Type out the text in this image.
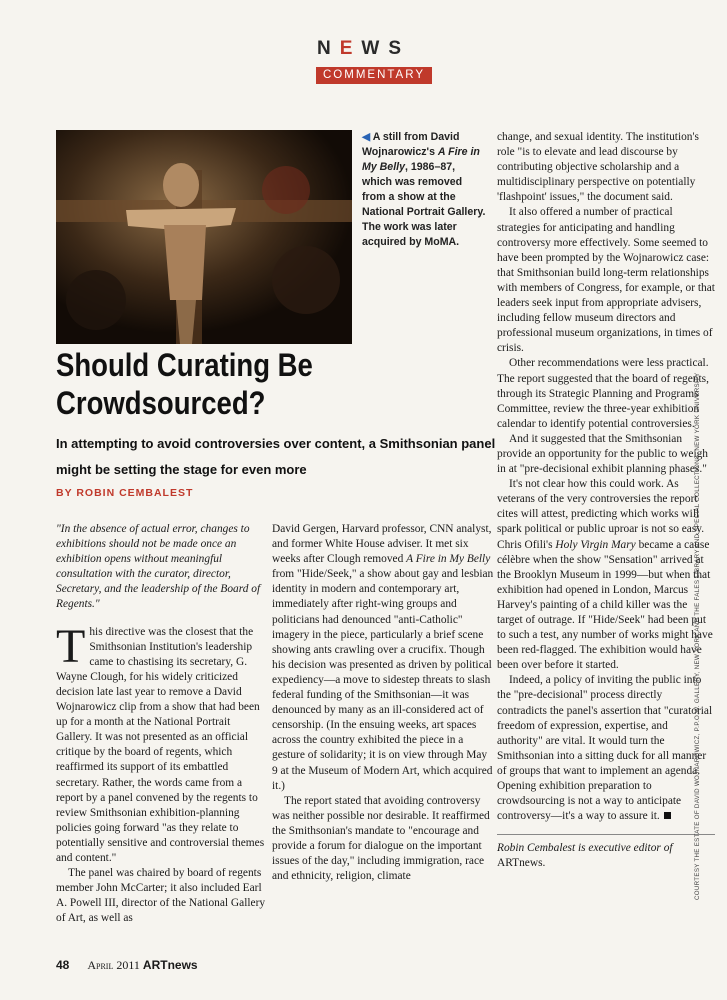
NEWS
COMMENTARY
◀ A still from David Wojnarowicz's A Fire in My Belly, 1986–87, which was removed from a show at the National Portrait Gallery. The work was later acquired by MoMA.
Should Curating Be Crowdsourced?
In attempting to avoid controversies over content, a Smithsonian panel might be setting the stage for even more
BY ROBIN CEMBALEST

"In the absence of actual error, changes to exhibitions should not be made once an exhibition opens without meaningful consultation with the curator, director, Secretary, and the leadership of the Board of Regents."

This directive was the closest that the Smithsonian Institution's leadership came to chastising its secretary, G. Wayne Clough, for his widely criticized decision late last year to remove a David Wojnarowicz clip from a show that had been up for a month at the National Portrait Gallery. It was not presented as an official critique by the board of regents, which reaffirmed its support of its embattled secretary. Rather, the words came from a report by a panel convened by the regents to review Smithsonian exhibition-planning policies going forward "as they relate to potentially sensitive and controversial themes and content."

The panel was chaired by board of regents member John McCarter; it also included Earl A. Powell III, director of the National Gallery of Art, as well as

David Gergen, Harvard professor, CNN analyst, and former White House adviser. It met six weeks after Clough removed A Fire in My Belly from "Hide/Seek," a show about gay and lesbian identity in modern and contemporary art, immediately after right-wing groups and politicians had denounced "anti-Catholic" imagery in the piece, particularly a brief scene showing ants crawling over a crucifix. Though his decision was presented as driven by political expediency—a move to sidestep threats to slash federal funding of the Smithsonian—it was denounced by many as an ill-considered act of censorship. (In the ensuing weeks, art spaces across the country exhibited the piece in a gesture of solidarity; it is on view through May 9 at the Museum of Modern Art, which acquired it.)

The report stated that avoiding controversy was neither possible nor desirable. It reaffirmed the Smithsonian's mandate to "encourage and provide a forum for dialogue on the important issues of the day," including immigration, race and ethnicity, religion, climate

change, and sexual identity. The institution's role "is to elevate and lead discourse by contributing objective scholarship and a multidisciplinary perspective on potentially 'flashpoint' issues," the document said.

It also offered a number of practical strategies for anticipating and handling controversy more effectively. Some seemed to have been prompted by the Wojnarowicz case: that Smithsonian build long-term relationships with members of Congress, for example, or that leaders seek input from appropriate advisers, including fellow museum directors and professional museum organizations, in times of crisis.

Other recommendations were less practical. The report suggested that the board of regents, through its Strategic Planning and Programs Committee, review the three-year exhibition calendar to identify potential controversies.

And it suggested that the Smithsonian provide an opportunity for the public to weigh in at "pre-decisional exhibit planning phases."

It's not clear how this could work. As veterans of the very controversies the report cites will attest, predicting which works will spark political or public uproar is not so easy. Chris Ofili's Holy Virgin Mary became a cause célèbre when the show "Sensation" arrived at the Brooklyn Museum in 1999—but when that exhibition had opened in London, Marcus Harvey's painting of a child killer was the target of outrage. If "Hide/Seek" had been put to such a test, any number of works might have been red-flagged. The exhibition would have been over before it started.

Indeed, a policy of inviting the public into the "pre-decisional" process directly contradicts the panel's assertion that "curatorial freedom of expression, expertise, and authority" are vital. It would turn the Smithsonian into a sitting duck for all manner of groups that want to implement an agenda. Opening exhibition preparation to crowdsourcing is not a way to anticipate controversy—it's a way to assure it.

Robin Cembalest is executive editor of ARTnews.	COURTESY THE ESTATE OF DAVID WOJNAROWICZ, P.P.O.W. GALLERY, NEW YORK AND THE FALES LIBRARY AND SPECIAL COLLECTIONS, NEW YORK UNIVERSITY
48 April 2011 ARTnews
